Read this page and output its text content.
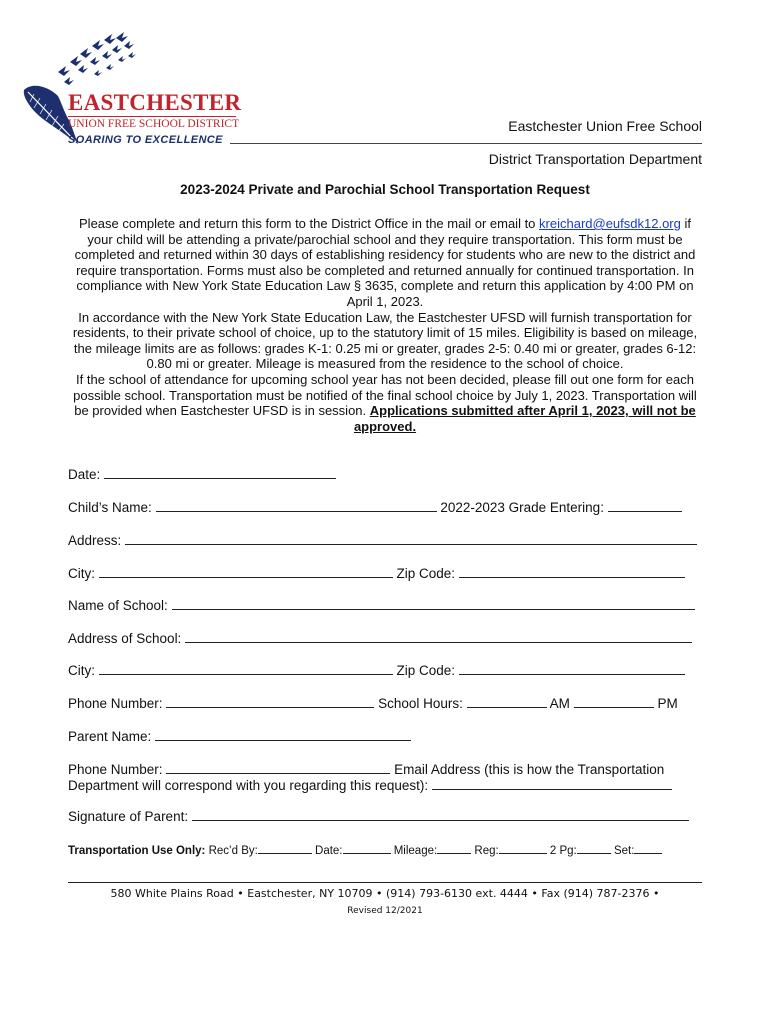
EASTCHESTER
UNION FREE SCHOOL DISTRICT
SOARING TO EXCELLENCE
Eastchester Union Free School
District Transportation Department
2023-2024 Private and Parochial School Transportation Request
Please complete and return this form to the District Office in the mail or email to kreichard@eufsdk12.org if your child will be attending a private/parochial school and they require transportation. This form must be completed and returned within 30 days of establishing residency for students who are new to the district and require transportation. Forms must also be completed and returned annually for continued transportation. In compliance with New York State Education Law § 3635, complete and return this application by 4:00 PM on April 1, 2023.
In accordance with the New York State Education Law, the Eastchester UFSD will furnish transportation for residents, to their private school of choice, up to the statutory limit of 15 miles. Eligibility is based on mileage, the mileage limits are as follows: grades K-1: 0.25 mi or greater, grades 2-5: 0.40 mi or greater, grades 6-12: 0.80 mi or greater. Mileage is measured from the residence to the school of choice.
If the school of attendance for upcoming school year has not been decided, please fill out one form for each possible school. Transportation must be notified of the final school choice by July 1, 2023. Transportation will be provided when Eastchester UFSD is in session. Applications submitted after April 1, 2023, will not be approved.
Date:
Child’s Name:	2022-2023 Grade Entering:
Address:
City:	Zip Code:
Name of School:
Address of School:
City:	Zip Code:
Phone Number:	School Hours:	AM	PM
Parent Name:
Phone Number:	Email Address (this is how the Transportation
Department will correspond with you regarding this request):
Signature of Parent:
Transportation Use Only: Rec’d By:	Date:	Mileage:	Reg:	2 Pg:	Set:
580 White Plains Road • Eastchester, NY 10709 • (914) 793-6130 ext. 4444 • Fax (914) 787-2376 •
Revised 12/2021
